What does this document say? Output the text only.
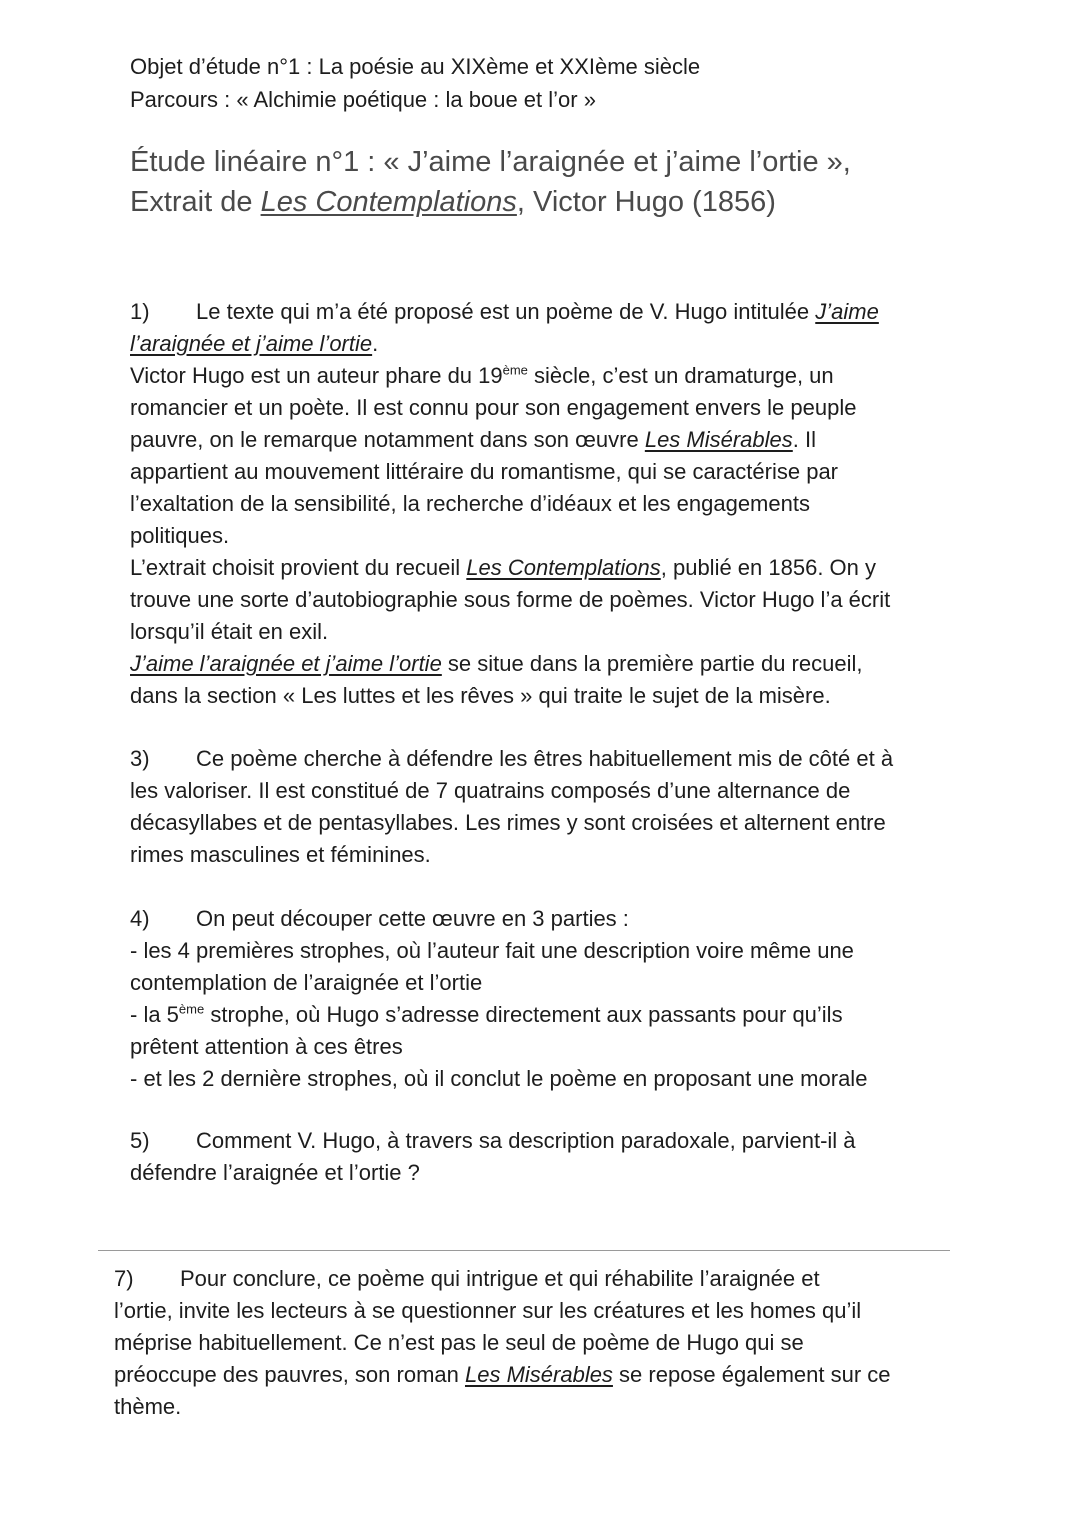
Objet d’étude n°1 : La poésie au XIXème et XXIème siècle
Parcours : « Alchimie poétique : la boue et l’or »
Étude linéaire n°1 : « J’aime l’araignée et j’aime l’ortie »,
Extrait de Les Contemplations, Victor Hugo (1856)
1) Le texte qui m’a été proposé est un poème de V. Hugo intitulée J’aime
l’araignée et j’aime l’ortie.
Victor Hugo est un auteur phare du 19ème siècle, c’est un dramaturge, un
romancier et un poète. Il est connu pour son engagement envers le peuple
pauvre, on le remarque notamment dans son œuvre Les Misérables. Il
appartient au mouvement littéraire du romantisme, qui se caractérise par
l’exaltation de la sensibilité, la recherche d’idéaux et les engagements
politiques.
L’extrait choisit provient du recueil Les Contemplations, publié en 1856. On y
trouve une sorte d’autobiographie sous forme de poèmes. Victor Hugo l’a écrit
lorsqu’il était en exil.
J’aime l’araignée et j’aime l’ortie se situe dans la première partie du recueil,
dans la section « Les luttes et les rêves » qui traite le sujet de la misère.
3) Ce poème cherche à défendre les êtres habituellement mis de côté et à
les valoriser. Il est constitué de 7 quatrains composés d’une alternance de
décasyllabes et de pentasyllabes. Les rimes y sont croisées et alternent entre
rimes masculines et féminines.
4) On peut découper cette œuvre en 3 parties :
- les 4 premières strophes, où l’auteur fait une description voire même une
contemplation de l’araignée et l’ortie
- la 5ème strophe, où Hugo s’adresse directement aux passants pour qu’ils
prêtent attention à ces êtres
- et les 2 dernière strophes, où il conclut le poème en proposant une morale
5) Comment V. Hugo, à travers sa description paradoxale, parvient-il à
défendre l’araignée et l’ortie ?
7) Pour conclure, ce poème qui intrigue et qui réhabilite l’araignée et
l’ortie, invite les lecteurs à se questionner sur les créatures et les homes qu’il
méprise habituellement. Ce n’est pas le seul de poème de Hugo qui se
préoccupe des pauvres, son roman Les Misérables se repose également sur ce
thème.
